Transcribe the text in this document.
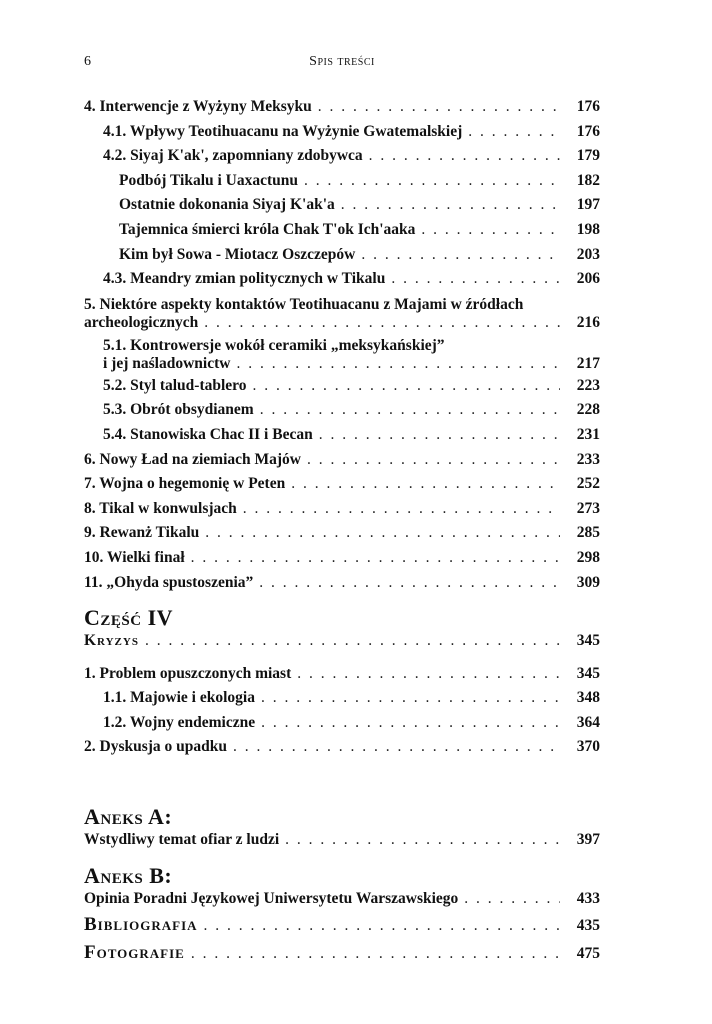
6	Spis treści
4. Interwencje z Wyżyny Meksyku . . .	176
4.1. Wpływy Teotihuacanu na Wyżynie Gwatemalskiej . . .	176
4.2. Siyaj K'ak', zapomniany zdobywca . . .	179
Podbój Tikalu i Uaxactunu . . .	182
Ostatnie dokonania Siyaj K'ak'a . . .	197
Tajemnica śmierci króla Chak T'ok Ich'aaka . . .	198
Kim był Sowa - Miotacz Oszczepów . . .	203
4.3. Meandry zmian politycznych w Tikalu . . .	206
5. Niektóre aspekty kontaktów Teotihuacanu z Majami w źródłach
archeologicznych . . .	216
5.1. Kontrowersje wokół ceramiki „meksykańskiej”
i jej naśladownictw . . .	217
5.2. Styl talud-tablero . . .	223
5.3. Obrót obsydianem . . .	228
5.4. Stanowiska Chac II i Becan . . .	231
6. Nowy Ład na ziemiach Majów . . .	233
7. Wojna o hegemonię w Peten . . .	252
8. Tikal w konwulsjach . . .	273
9. Rewanż Tikalu . . .	285
10. Wielki finał . . .	298
11. „Ohyda spustoszenia” . . .	309
Część IV
Kryzys . . .	345
1. Problem opuszczonych miast . . .	345
1.1. Majowie i ekologia . . .	348
1.2. Wojny endemiczne . . .	364
2. Dyskusja o upadku . . .	370
Aneks A:
Wstydliwy temat ofiar z ludzi . . .	397
Aneks B:
Opinia Poradni Językowej Uniwersytetu Warszawskiego . . .	433
Bibliografia . . .	435
Fotografie . . .	475
